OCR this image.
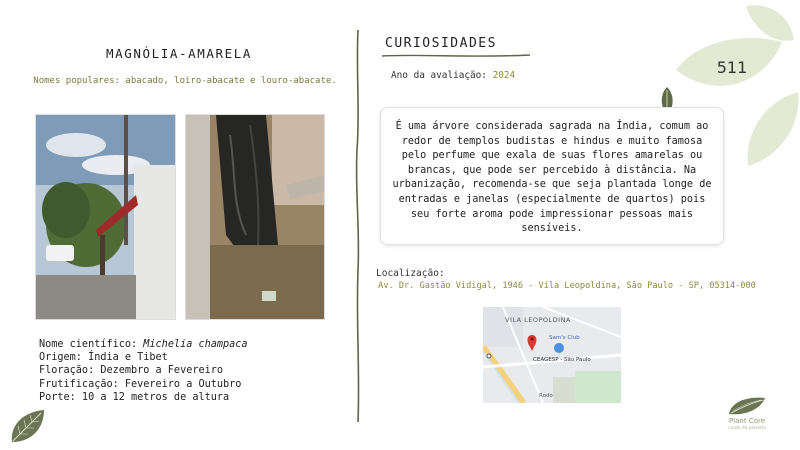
MAGNÓLIA-AMARELA
Nomes populares: abacado, loiro-abacate e louro-abacate.
Nome científico: Michelia champaca
Origem: Índia e Tibet
Floração: Dezembro a Fevereiro
Frutificação: Fevereiro a Outubro
Porte: 10 a 12 metros de altura
CURIOSIDADES
Ano da avaliação: 2024
É uma árvore considerada sagrada na Índia, comum ao redor de templos budistas e hindus e muito famosa pelo perfume que exala de suas flores amarelas ou brancas, que pode ser percebido à distância. Na urbanização, recomenda-se que seja plantada longe de entradas e janelas (especialmente de quartos) pois seu forte aroma pode impressionar pessoas mais sensíveis.
511
Localização:
Av. Dr. Gastão Vidigal, 1946 - Vila Leopoldina, São Paulo - SP, 05314-000
VILA LEOPOLDINA
Sam's Club
CEAGESP - São Paulo
Rodo
Plant Core
cuide do planeta
